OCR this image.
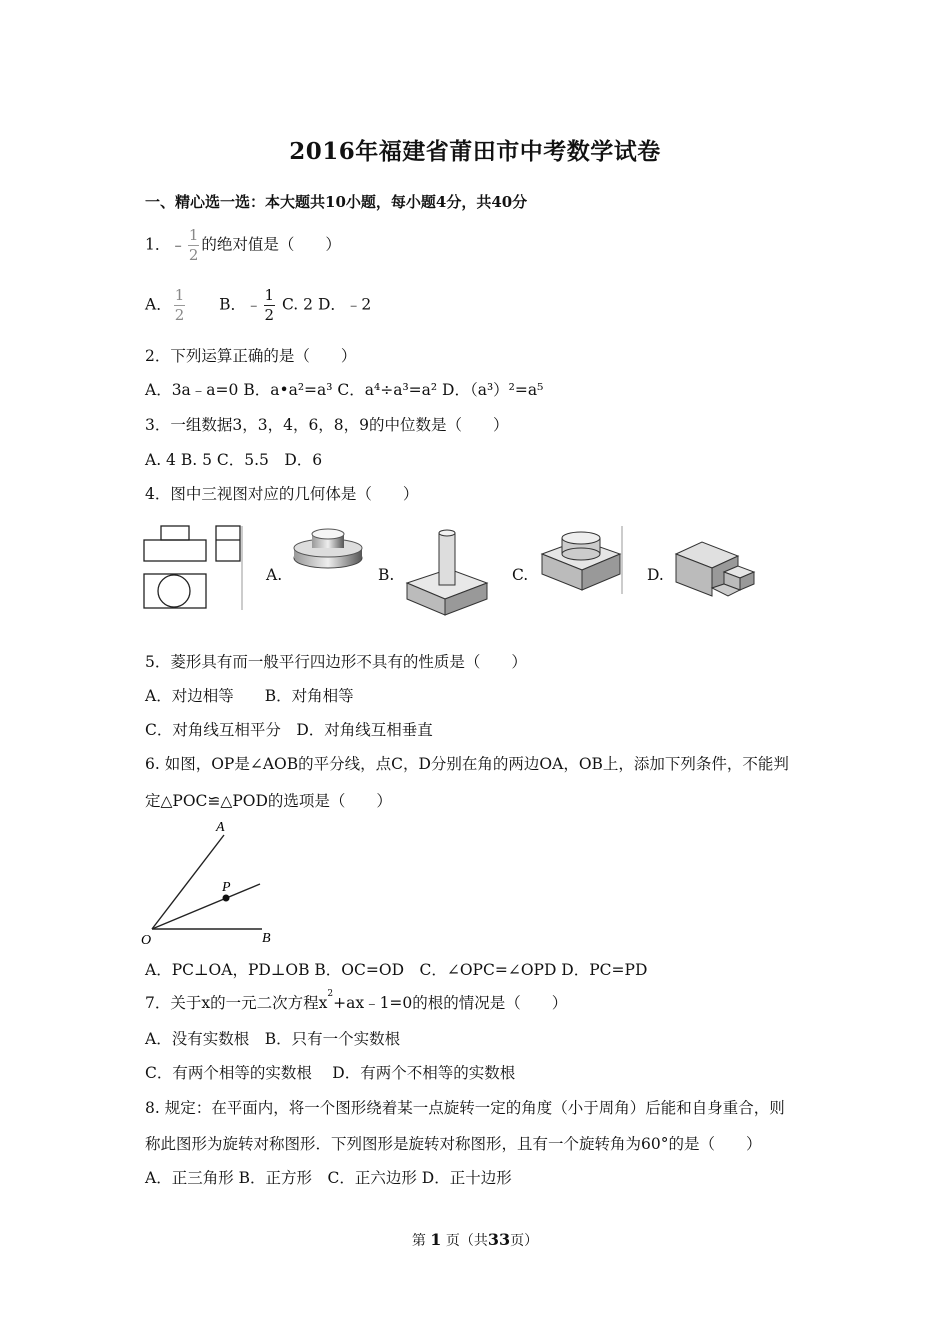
2016年福建省莆田市中考数学试卷
一、精心选一选：本大题共10小题，每小题4分，共40分
1．﹣ $\frac{1}{2}$ 的绝对值是（　　）
A． $\frac{1}{2}$ B．﹣ $\frac{1}{2} C$. 2 D．﹣2
2．下列运算正确的是（　　）
A．3a﹣a=0 B．a•a²=a³ C．a⁴÷a³=a² D．（a³）²=a⁵
3．一组数据3，3，4，6，8，9的中位数是（　　）
A. 4 B. 5 C．5.5　D．6
4．图中三视图对应的几何体是（　　）
A.	B.	C.	D.
5．菱形具有而一般平行四边形不具有的性质是（　　）
A．对边相等　　B．对角相等
C．对角线互相平分　D．对角线互相垂直
6. 如图，OP是∠AOB的平分线，点C，D分别在角的两边OA，OB上，添加下列条件，不能判
定△POC≌△POD的选项是（　　）
A
P
O	B
A．PC⊥OA，PD⊥OB B．OC=OD　C．∠OPC=∠OPD D．PC=PD
7．关于x的一元二次方程$x^2+ax﹣1=0$的根的情况是（　　）
A．没有实数根　B．只有一个实数根
C．有两个相等的实数根　 D．有两个不相等的实数根
8. 规定：在平面内，将一个图形绕着某一点旋转一定的角度（小于周角）后能和自身重合，则
称此图形为旋转对称图形．下列图形是旋转对称图形，且有一个旋转角为60°的是（　　）
A．正三角形 B．正方形　C．正六边形 D．正十边形
第 1 页（共33页）
